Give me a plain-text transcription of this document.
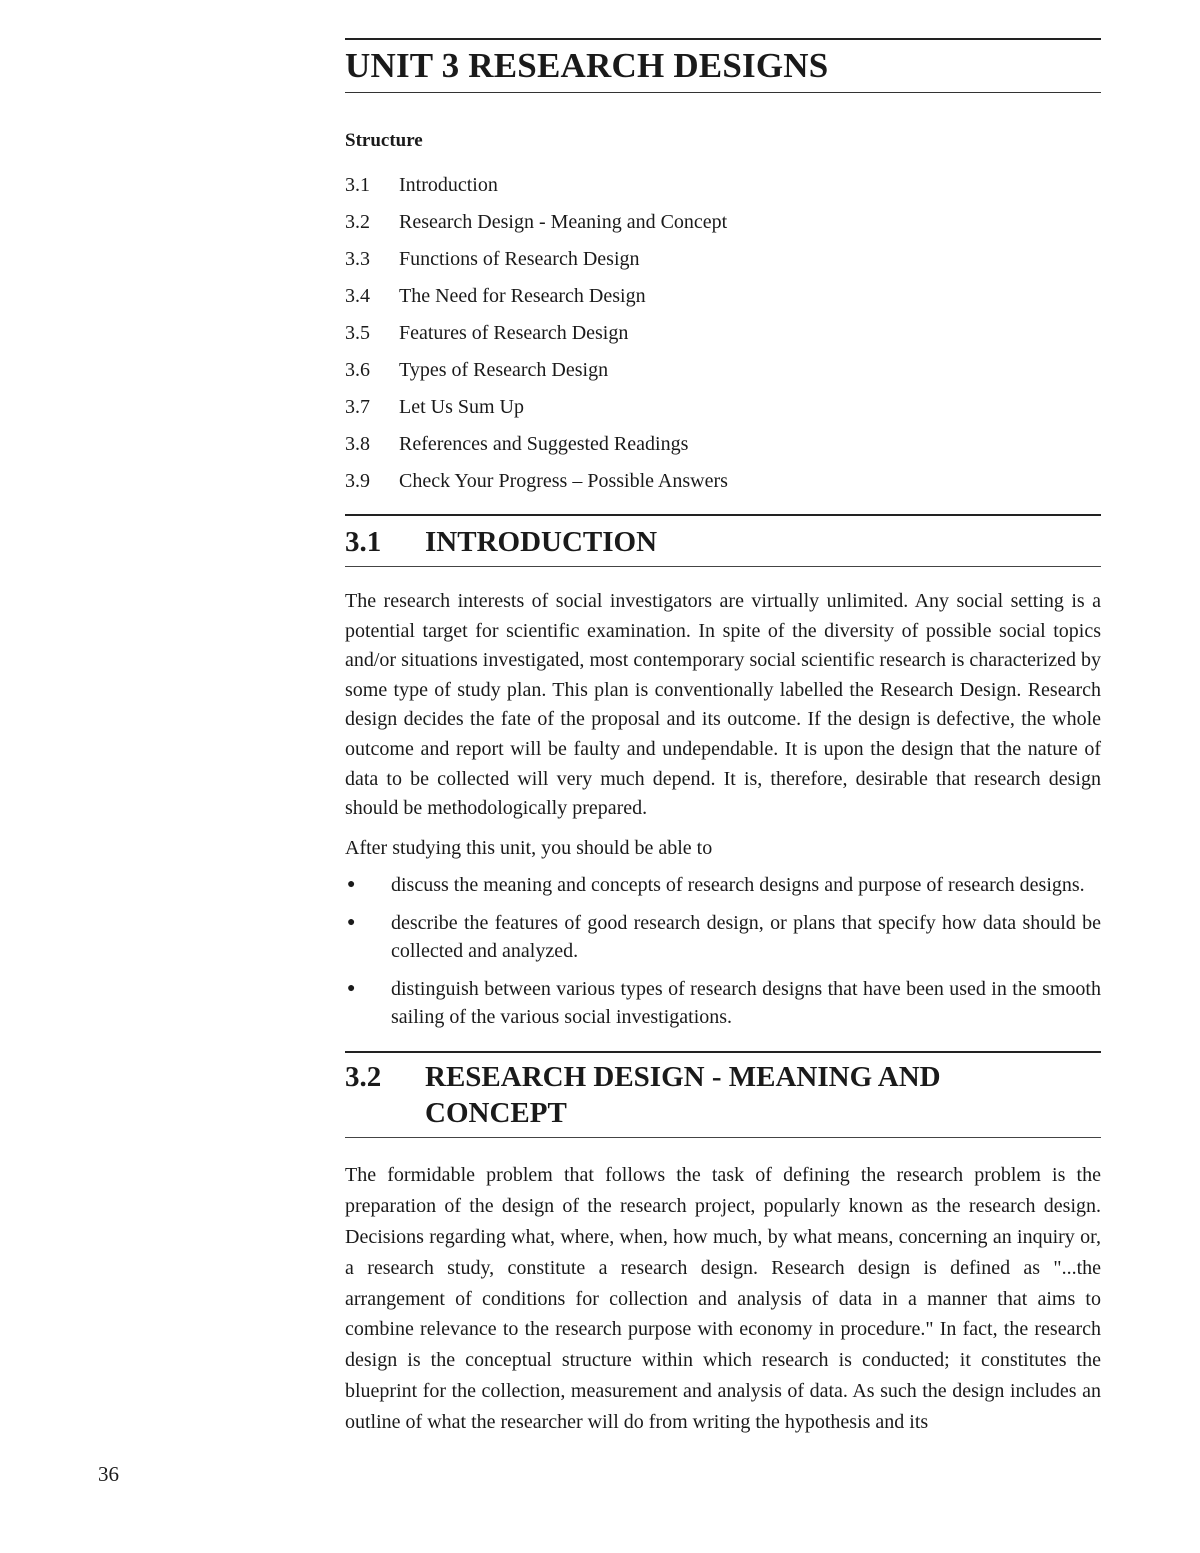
UNIT 3 RESEARCH DESIGNS
Structure
3.1	Introduction
3.2	Research Design - Meaning and Concept
3.3	Functions of Research Design
3.4	The Need for Research Design
3.5	Features of Research Design
3.6	Types of Research Design
3.7	Let Us Sum Up
3.8	References and Suggested Readings
3.9	Check Your Progress – Possible Answers
3.1	INTRODUCTION

The research interests of social investigators are virtually unlimited. Any social setting is a potential target for scientific examination. In spite of the diversity of possible social topics and/or situations investigated, most contemporary social scientific research is characterized by some type of study plan. This plan is conventionally labelled the Research Design. Research design decides the fate of the proposal and its outcome. If the design is defective, the whole outcome and report will be faulty and undependable. It is upon the design that the nature of data to be collected will very much depend. It is, therefore, desirable that research design should be methodologically prepared.

After studying this unit, you should be able to

●	discuss the meaning and concepts of research designs and purpose of research designs.
●	describe the features of good research design, or plans that specify how data should be collected and analyzed.
●	distinguish between various types of research designs that have been used in the smooth sailing of the various social investigations.
3.2	RESEARCH DESIGN - MEANING AND
CONCEPT

The formidable problem that follows the task of defining the research problem is the preparation of the design of the research project, popularly known as the research design. Decisions regarding what, where, when, how much, by what means, concerning an inquiry or, a research study, constitute a research design. Research design is defined as "...the arrangement of conditions for collection and analysis of data in a manner that aims to combine relevance to the research purpose with economy in procedure." In fact, the research design is the conceptual structure within which research is conducted; it constitutes the blueprint for the collection, measurement and analysis of data. As such the design includes an outline of what the researcher will do from writing the hypothesis and its

36
